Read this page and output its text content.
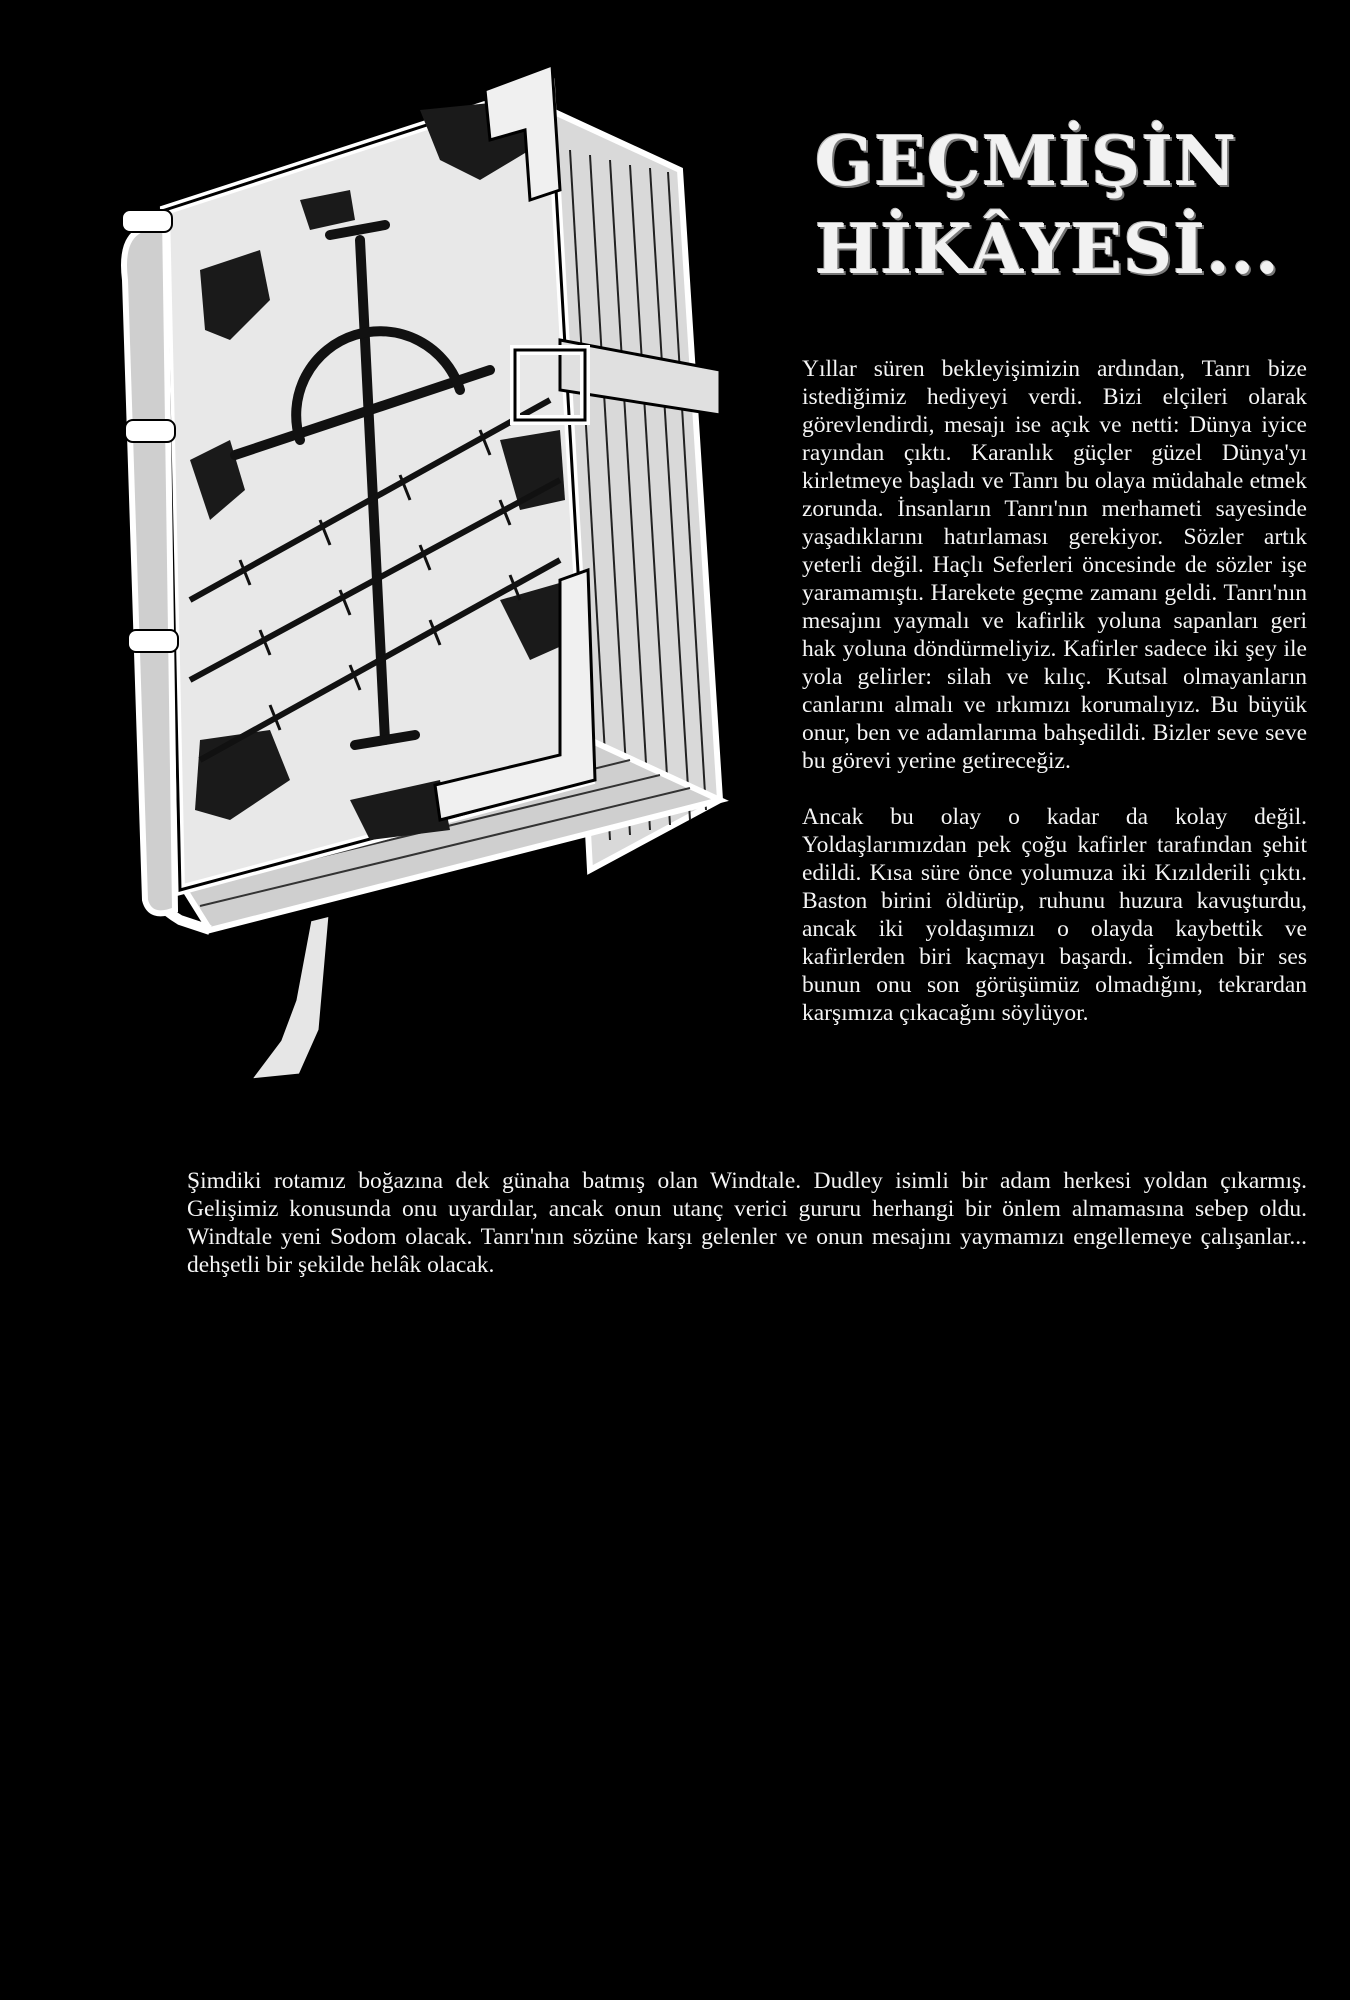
GEÇMİŞİN
HİKÂYESİ...

Yıllar süren bekleyişimizin ardından, Tanrı bize istediğimiz hediyeyi verdi. Bizi elçileri olarak görevlendirdi, mesajı ise açık ve netti: Dünya iyice rayından çıktı. Karanlık güçler güzel Dünya'yı kirletmeye başladı ve Tanrı bu olaya müdahale etmek zorunda. İnsanların Tanrı'nın merhameti sayesinde yaşadıklarını hatırlaması gerekiyor. Sözler artık yeterli değil. Haçlı Seferleri öncesinde de sözler işe yaramamıştı. Harekete geçme zamanı geldi. Tanrı'nın mesajını yaymalı ve kafirlik yoluna sapanları geri hak yoluna döndürmeliyiz. Kafirler sadece iki şey ile yola gelirler: silah ve kılıç. Kutsal olmayanların canlarını almalı ve ırkımızı korumalıyız. Bu büyük onur, ben ve adamlarıma bahşedildi. Bizler seve seve bu görevi yerine getireceğiz.

Ancak bu olay o kadar da kolay değil. Yoldaşlarımızdan pek çoğu kafirler tarafından şehit edildi. Kısa süre önce yolumuza iki Kızılderili çıktı. Baston birini öldürüp, ruhunu huzura kavuşturdu, ancak iki yoldaşımızı o olayda kaybettik ve kafirlerden biri kaçmayı başardı. İçimden bir ses bunun onu son görüşümüz olmadığını, tekrardan karşımıza çıkacağını söylüyor.

Şimdiki rotamız boğazına dek günaha batmış olan Windtale. Dudley isimli bir adam herkesi yoldan çıkarmış. Gelişimiz konusunda onu uyardılar, ancak onun utanç verici gururu herhangi bir önlem almamasına sebep oldu. Windtale yeni Sodom olacak. Tanrı'nın sözüne karşı gelenler ve onun mesajını yaymamızı engellemeye çalışanlar... dehşetli bir şekilde helâk olacak.
